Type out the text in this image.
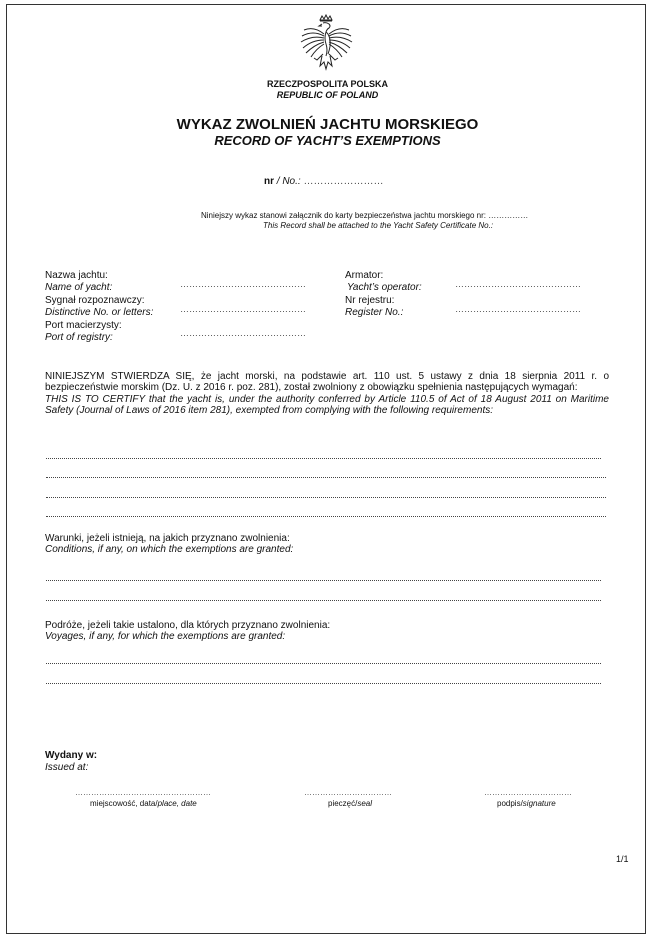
RZECZPOSPOLITA POLSKA
REPUBLIC OF POLAND
WYKAZ ZWOLNIEŃ JACHTU MORSKIEGO
RECORD OF YACHT’S EXEMPTIONS
nr / No.: ……………………
Niniejszy wykaz stanowi załącznik do karty bezpieczeństwa jachtu morskiego nr: ……………
This Record shall be attached to the Yacht Safety Certificate No.:
Nazwa jachtu:
Name of yacht:	……………………………………
Sygnał rozpoznawczy:
Distinctive No. or letters:	……………………………………
Port macierzysty:
Port of registry:	……………………………………
Armator:
Yacht’s operator:	……………………………………
Nr rejestru:
Register No.:	……………………………………

NINIEJSZYM STWIERDZA SIĘ, że jacht morski, na podstawie art. 110 ust. 5 ustawy z dnia 18 sierpnia 2011 r. o bezpieczeństwie morskim (Dz. U. z 2016 r. poz. 281), został zwolniony z obowiązku spełnienia następujących wymagań:

THIS IS TO CERTIFY that the yacht is, under the authority conferred by Article 110.5 of Act of 18 August 2011 on Maritime Safety (Journal of Laws of 2016 item 281), exempted from complying with the following requirements:

Warunki, jeżeli istnieją, na jakich przyznano zwolnienia:
Conditions, if any, on which the exemptions are granted:
Podróże, jeżeli takie ustalono, dla których przyznano zwolnienia:
Voyages, if any, for which the exemptions are granted:
Wydany w:
Issued at:
……………………………………………	……………………………	……………………………
miejscowość, data/place, date	pieczęć/seal	podpis/signature
1/1
